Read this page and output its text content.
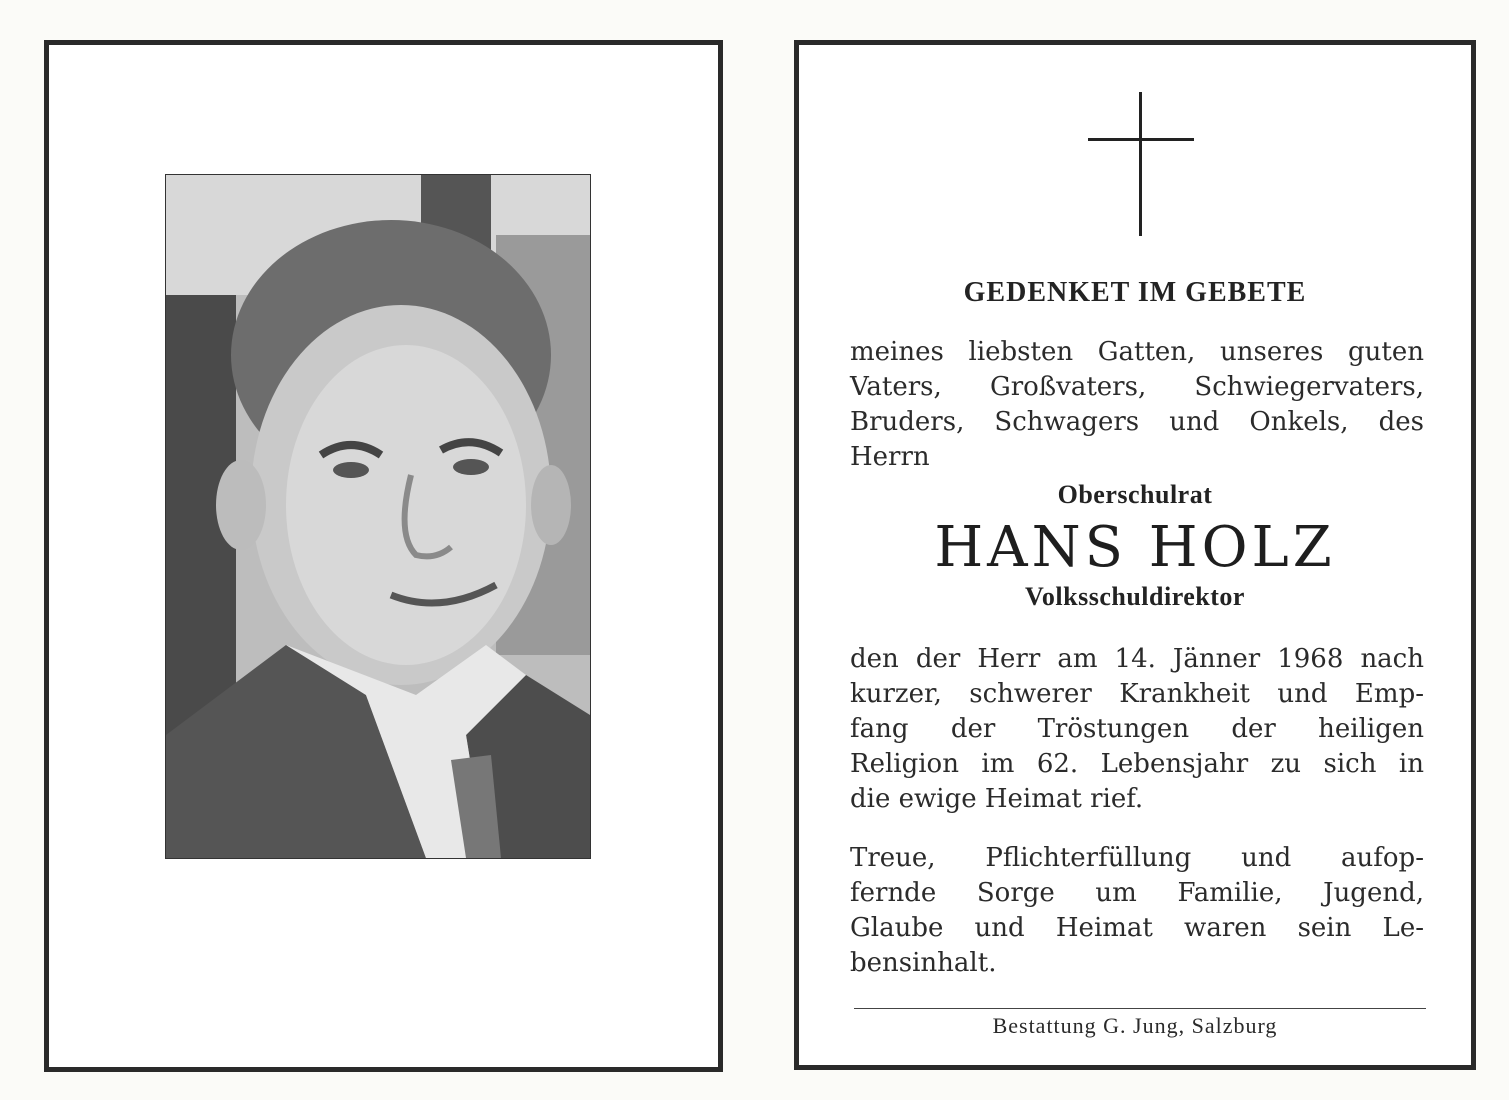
GEDENKET IM GEBETE
meines liebsten Gatten, unseres guten
Vaters, Großvaters, Schwiegervaters,
Bruders, Schwagers und Onkels, des
Herrn
Oberschulrat
HANS HOLZ
Volksschuldirektor
den der Herr am 14. Jänner 1968 nach
kurzer, schwerer Krankheit und Emp-
fang der Tröstungen der heiligen
Religion im 62. Lebensjahr zu sich in
die ewige Heimat rief.
Treue, Pflichterfüllung und aufop-
fernde Sorge um Familie, Jugend,
Glaube und Heimat waren sein Le-
bensinhalt.
Bestattung G. Jung, Salzburg
